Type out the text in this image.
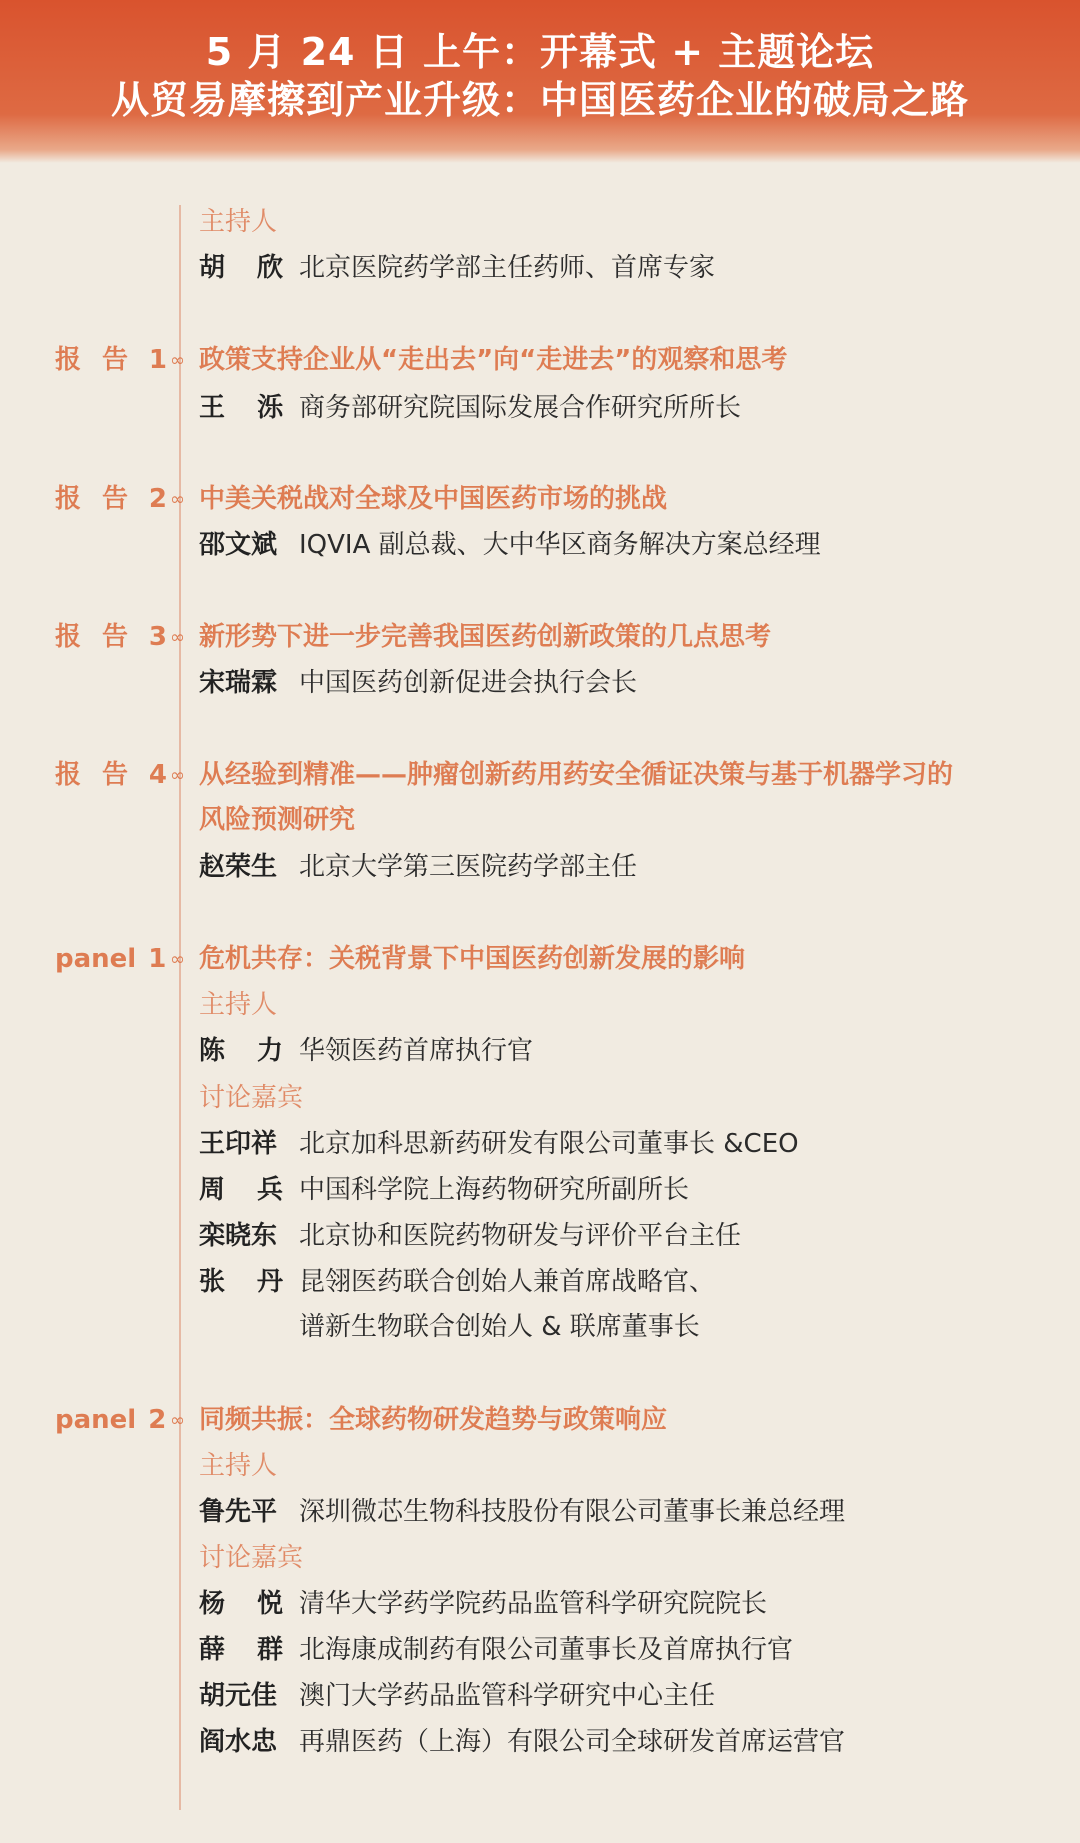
5 月 24 日 上午：开幕式 + 主题论坛
从贸易摩擦到产业升级：中国医药企业的破局之路
主持人
胡 欣 北京医院药学部主任药师、首席专家
报 告 1 ∞ 政策支持企业从“走出去”向“走进去”的观察和思考
王 泺 商务部研究院国际发展合作研究所所长
报 告 2 ∞ 中美关税战对全球及中国医药市场的挑战
邵文斌 IQVIA 副总裁、大中华区商务解决方案总经理
报 告 3 ∞ 新形势下进一步完善我国医药创新政策的几点思考
宋瑞霖 中国医药创新促进会执行会长
报 告 4 ∞ 从经验到精准——肿瘤创新药用药安全循证决策与基于机器学习的
风险预测研究
赵荣生 北京大学第三医院药学部主任
panel 1 ∞ 危机共存：关税背景下中国医药创新发展的影响
主持人
陈 力 华领医药首席执行官
讨论嘉宾
王印祥 北京加科思新药研发有限公司董事长 &CEO
周 兵 中国科学院上海药物研究所副所长
栾晓东 北京协和医院药物研发与评价平台主任
张 丹 昆翎医药联合创始人兼首席战略官、
谱新生物联合创始人 & 联席董事长
panel 2 ∞ 同频共振：全球药物研发趋势与政策响应
主持人
鲁先平 深圳微芯生物科技股份有限公司董事长兼总经理
讨论嘉宾
杨 悦 清华大学药学院药品监管科学研究院院长
薛 群 北海康成制药有限公司董事长及首席执行官
胡元佳 澳门大学药品监管科学研究中心主任
阎水忠 再鼎医药（上海）有限公司全球研发首席运营官
